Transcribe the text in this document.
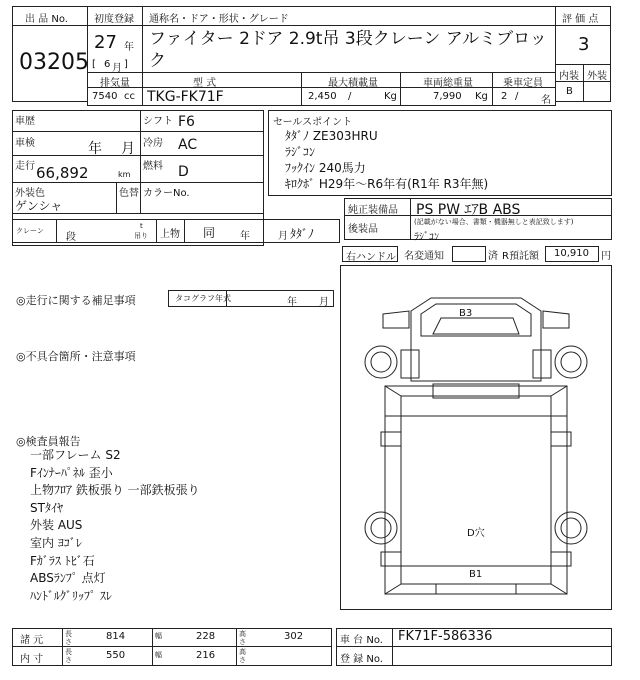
出 品 No.
03205
初度登録 通称名・ドア・形状・グレード
27 年
[ 6 月 ]
ファイター 2ドア 2.9t吊 3段クレーン アルミブロック
評 価 点
3
内装 外装
B
排気量	型 式	最大積載量	車両総重量	乗車定員
7540 cc TKG-FK71F	2,450 /	Kg	7,990 Kg 2 / 名
車歴	シフト F6
車検	年 月 冷房 AC
走行 66,892	km
燃料 D
外装色
ゲンシャ
色替 カラーNo.
クレーン
段
t
吊り 上物 同 年	月 ﾀﾀﾞﾉ
セールスポイント
ﾀﾀﾞﾉ ZE303HRU
ﾗｼﾞｺﾝ
ﾌｯｸｲﾝ 240馬力
ｷﾛｸﾎﾞ H29年～R6年有(R1年 R3年無)
純正装備品 PS PW ｴｱB ABS
後装品
(記載がない場合、書類・機器無しと表記致します)
ﾗｼﾞｺﾝ
右ハンドル 名変通知	済 R預託額 10,910 円
◎走行に関する補足事項	タコグラフ年式	年 月
◎不具合箇所・注意事項
◎検査員報告
一部フレーム S2
Fｲﾝﾅｰﾊﾟﾈﾙ 歪小
上物ﾌﾛｱ 鉄板張り 一部鉄板張り
STﾀｲﾔ
外装 AUS
室内 ﾖｺﾞﾚ
Fｶﾞﾗｽ ﾄﾋﾞ石
ABSﾗﾝﾌﾟ 点灯
ﾊﾝﾄﾞﾙｸﾞﾘｯﾌﾟ ｽﾚ
B3
D穴
B1
諸 元
長さ	814	幅	228	高さ	302
内 寸
長さ	550	幅	216	高さ
車 台 No. FK71F-586336
登 録 No.
